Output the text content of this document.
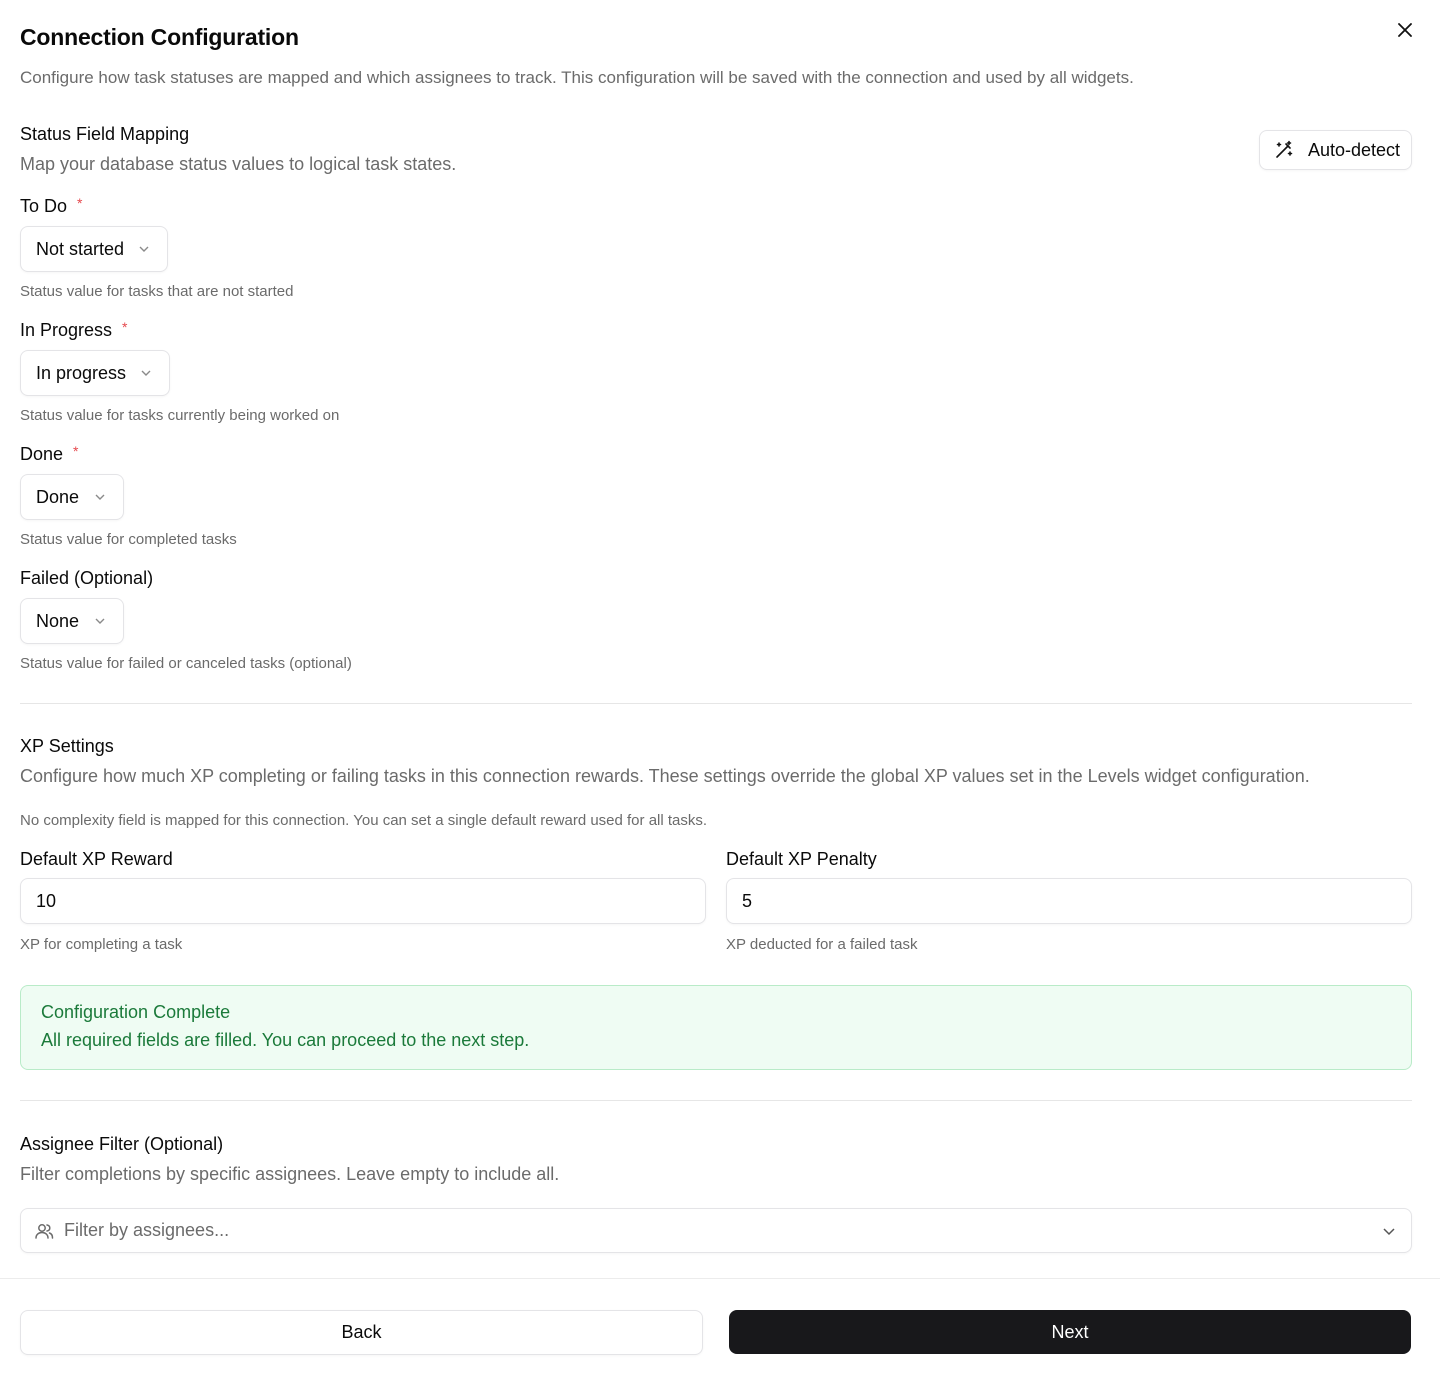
Connection Configuration
Configure how task statuses are mapped and which assignees to track. This configuration will be saved with the connection and used by all widgets.
Status Field Mapping
Map your database status values to logical task states.
Auto-detect
To Do *
Not started
Status value for tasks that are not started
In Progress *
In progress
Status value for tasks currently being worked on
Done *
Done
Status value for completed tasks
Failed (Optional)
None
Status value for failed or canceled tasks (optional)
XP Settings
Configure how much XP completing or failing tasks in this connection rewards. These settings override the global XP values set in the Levels widget configuration.
No complexity field is mapped for this connection. You can set a single default reward used for all tasks.
Default XP Reward
10
XP for completing a task
Default XP Penalty
5
XP deducted for a failed task
Configuration Complete
All required fields are filled. You can proceed to the next step.
Assignee Filter (Optional)
Filter completions by specific assignees. Leave empty to include all.
Filter by assignees...
Back	Next
